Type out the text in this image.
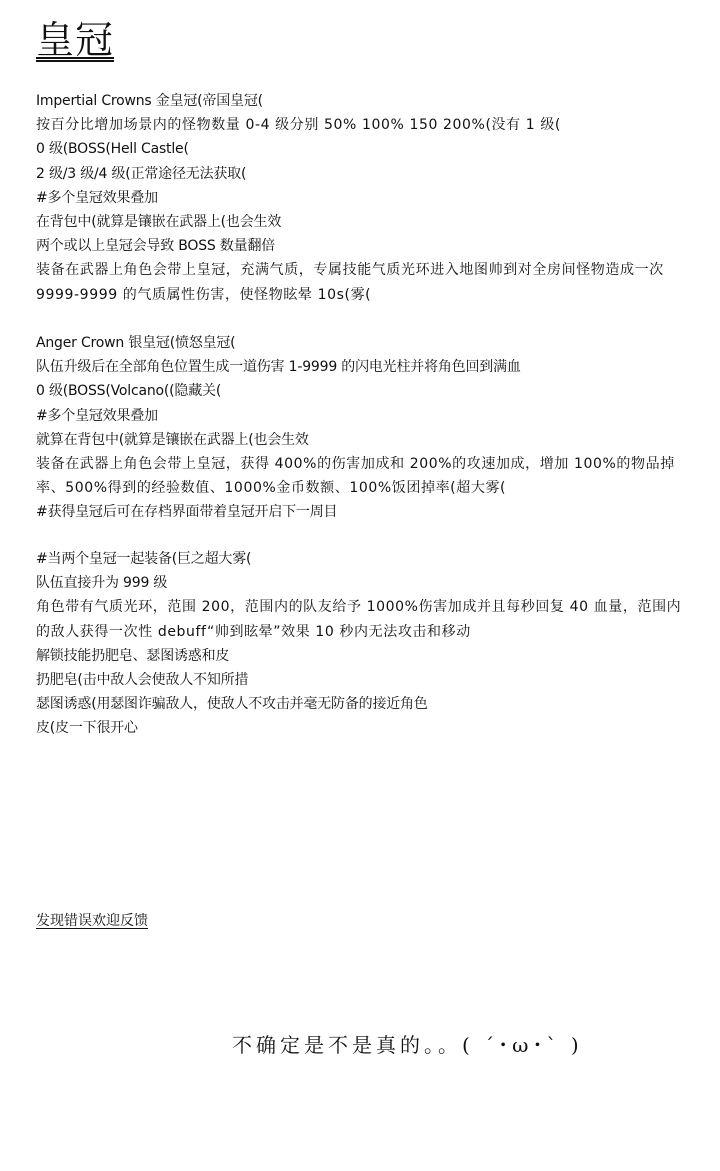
皇冠
Impertial Crowns 金皇冠(帝国皇冠(
按百分比增加场景内的怪物数量 0-4 级分别 50% 100% 150 200%(没有 1 级(
0 级(BOSS(Hell Castle(
2 级/3 级/4 级(正常途径无法获取(
#多个皇冠效果叠加
在背包中(就算是镶嵌在武器上(也会生效
两个或以上皇冠会导致 BOSS 数量翻倍
装备在武器上角色会带上皇冠，充满气质，专属技能气质光环进入地图帅到对全房间怪物造成一次 9999-9999 的气质属性伤害，使怪物眩晕 10s(雾(
Anger Crown 银皇冠(愤怒皇冠(
队伍升级后在全部角色位置生成一道伤害 1-9999 的闪电光柱并将角色回到满血
0 级(BOSS(Volcano((隐藏关(
#多个皇冠效果叠加
就算在背包中(就算是镶嵌在武器上(也会生效
装备在武器上角色会带上皇冠，获得 400%的伤害加成和 200%的攻速加成，增加 100%的物品掉率、500%得到的经验数值、1000%金币数额、100%饭团掉率(超大雾(
#获得皇冠后可在存档界面带着皇冠开启下一周目
#当两个皇冠一起装备(巨之超大雾(
队伍直接升为 999 级
角色带有气质光环，范围 200，范围内的队友给予 1000%伤害加成并且每秒回复 40 血量，范围内的敌人获得一次性 debuff“帅到眩晕”效果 10 秒内无法攻击和移动
解锁技能扔肥皂、瑟图诱惑和皮
扔肥皂(击中敌人会使敌人不知所措
瑟图诱惑(用瑟图诈骗敌人，使敌人不攻击并毫无防备的接近角色
皮(皮一下很开心
发现错误欢迎反馈
不确定是不是真的。。( ´･ω･` )
